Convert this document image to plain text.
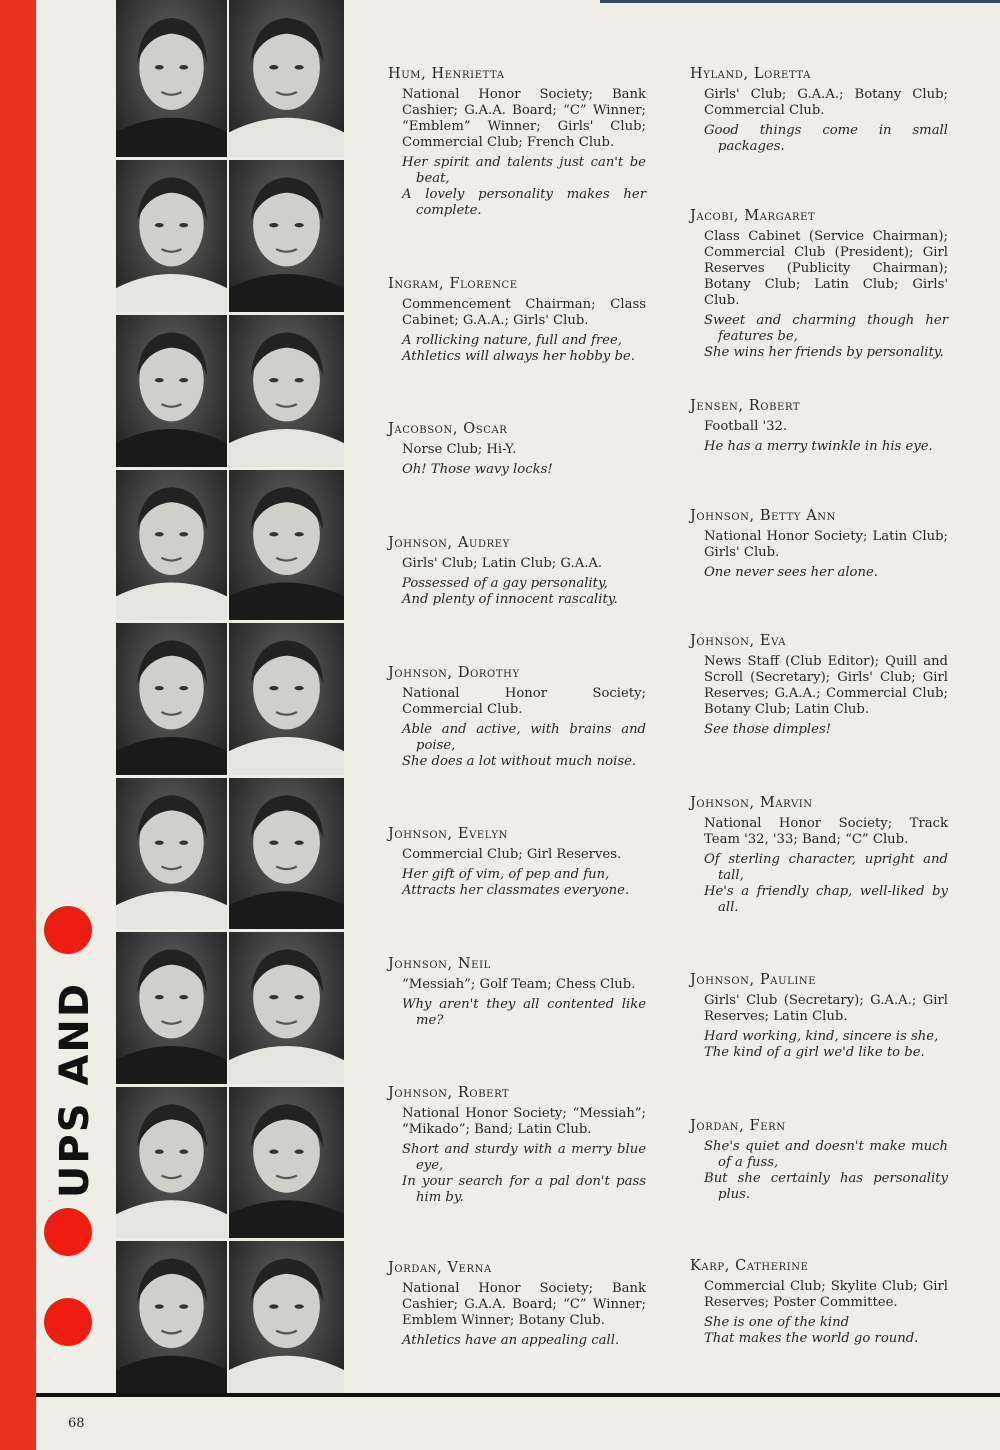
UPS AND
Hum, Henrietta
National Honor Society; Bank Cashier; G.A.A. Board; “C” Winner; “Emblem” Winner; Girls' Club; Commercial Club; French Club.
Her spirit and talents just can't be beat,
A lovely personality makes her complete.
Hyland, Loretta
Girls' Club; G.A.A.; Botany Club; Commercial Club.
Good things come in small packages.
Ingram, Florence
Commencement Chairman; Class Cabinet; G.A.A.; Girls' Club.
A rollicking nature, full and free,
Athletics will always her hobby be.
Jacobi, Margaret
Class Cabinet (Service Chairman); Commercial Club (President); Girl Reserves (Publicity Chairman); Botany Club; Latin Club; Girls' Club.
Sweet and charming though her features be,
She wins her friends by personality.
Jacobson, Oscar
Norse Club; Hi-Y.
Oh! Those wavy locks!
Jensen, Robert
Football '32.
He has a merry twinkle in his eye.
Johnson, Audrey
Girls' Club; Latin Club; G.A.A.
Possessed of a gay personality,
And plenty of innocent rascality.
Johnson, Betty Ann
National Honor Society; Latin Club; Girls' Club.
One never sees her alone.
Johnson, Dorothy
National Honor Society; Commercial Club.
Able and active, with brains and poise,
She does a lot without much noise.
Johnson, Eva
News Staff (Club Editor); Quill and Scroll (Secretary); Girls' Club; Girl Reserves; G.A.A.; Commercial Club; Botany Club; Latin Club.
See those dimples!
Johnson, Evelyn
Commercial Club; Girl Reserves.
Her gift of vim, of pep and fun,
Attracts her classmates everyone.
Johnson, Marvin
National Honor Society; Track Team '32, '33; Band; “C” Club.
Of sterling character, upright and tall,
He's a friendly chap, well-liked by all.
Johnson, Neil
“Messiah”; Golf Team; Chess Club.
Why aren't they all contented like me?
Johnson, Pauline
Girls' Club (Secretary); G.A.A.; Girl Reserves; Latin Club.
Hard working, kind, sincere is she,
The kind of a girl we'd like to be.
Johnson, Robert
National Honor Society; “Messiah”; “Mikado”; Band; Latin Club.
Short and sturdy with a merry blue eye,
In your search for a pal don't pass him by.
Jordan, Fern
She's quiet and doesn't make much of a fuss,
But she certainly has personality plus.
Jordan, Verna
National Honor Society; Bank Cashier; G.A.A. Board; “C” Winner; Emblem Winner; Botany Club.
Athletics have an appealing call.
Karp, Catherine
Commercial Club; Skylite Club; Girl Reserves; Poster Committee.
She is one of the kind
That makes the world go round.
68
